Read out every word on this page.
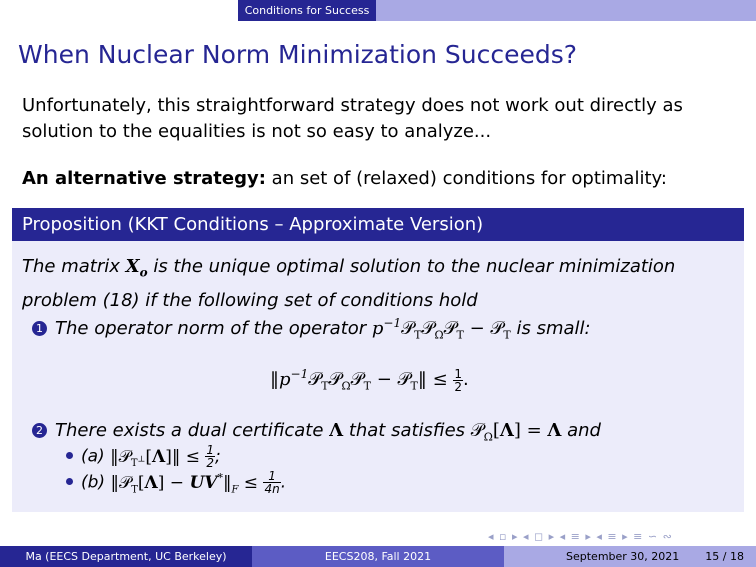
Conditions for Success
When Nuclear Norm Minimization Succeeds?
Unfortunately, this straightforward strategy does not work out directly as solution to the equalities is not so easy to analyze...
An alternative strategy: an set of (relaxed) conditions for optimality:
Proposition (KKT Conditions – Approximate Version)
The matrix $X_o$ is the unique optimal solution to the nuclear minimization problem (18) if the following set of conditions hold
1 The operator norm of the operator $p^{-1}𝒫_T𝒫_\Omega 𝒫_T$ − 𝒫$_T$ is small:
$‖p^{-1}𝒫_T𝒫_\Omega 𝒫_T$ − 𝒫$_T$‖ ≤ $\frac{1}{2}$ .
2 There exists a dual certificate Λ that satisfies 𝒫$_\Omega$[Λ] = Λ and
(a) ‖𝒫$_{T^\perp}$[Λ]‖ ≤ $\frac{1}{2}$ ;
(b) ‖𝒫$_T$[Λ] − $UV^*‖_F \le \frac{1}{4n}$ .
◂ ▫ ▸ ◂ ◻ ▸ ◂ ≡ ▸ ◂ ≡ ▸ ≡ ∽ ∾
Ma (EECS Department, UC Berkeley)	EECS208, Fall 2021	September 30, 2021 15 / 18
